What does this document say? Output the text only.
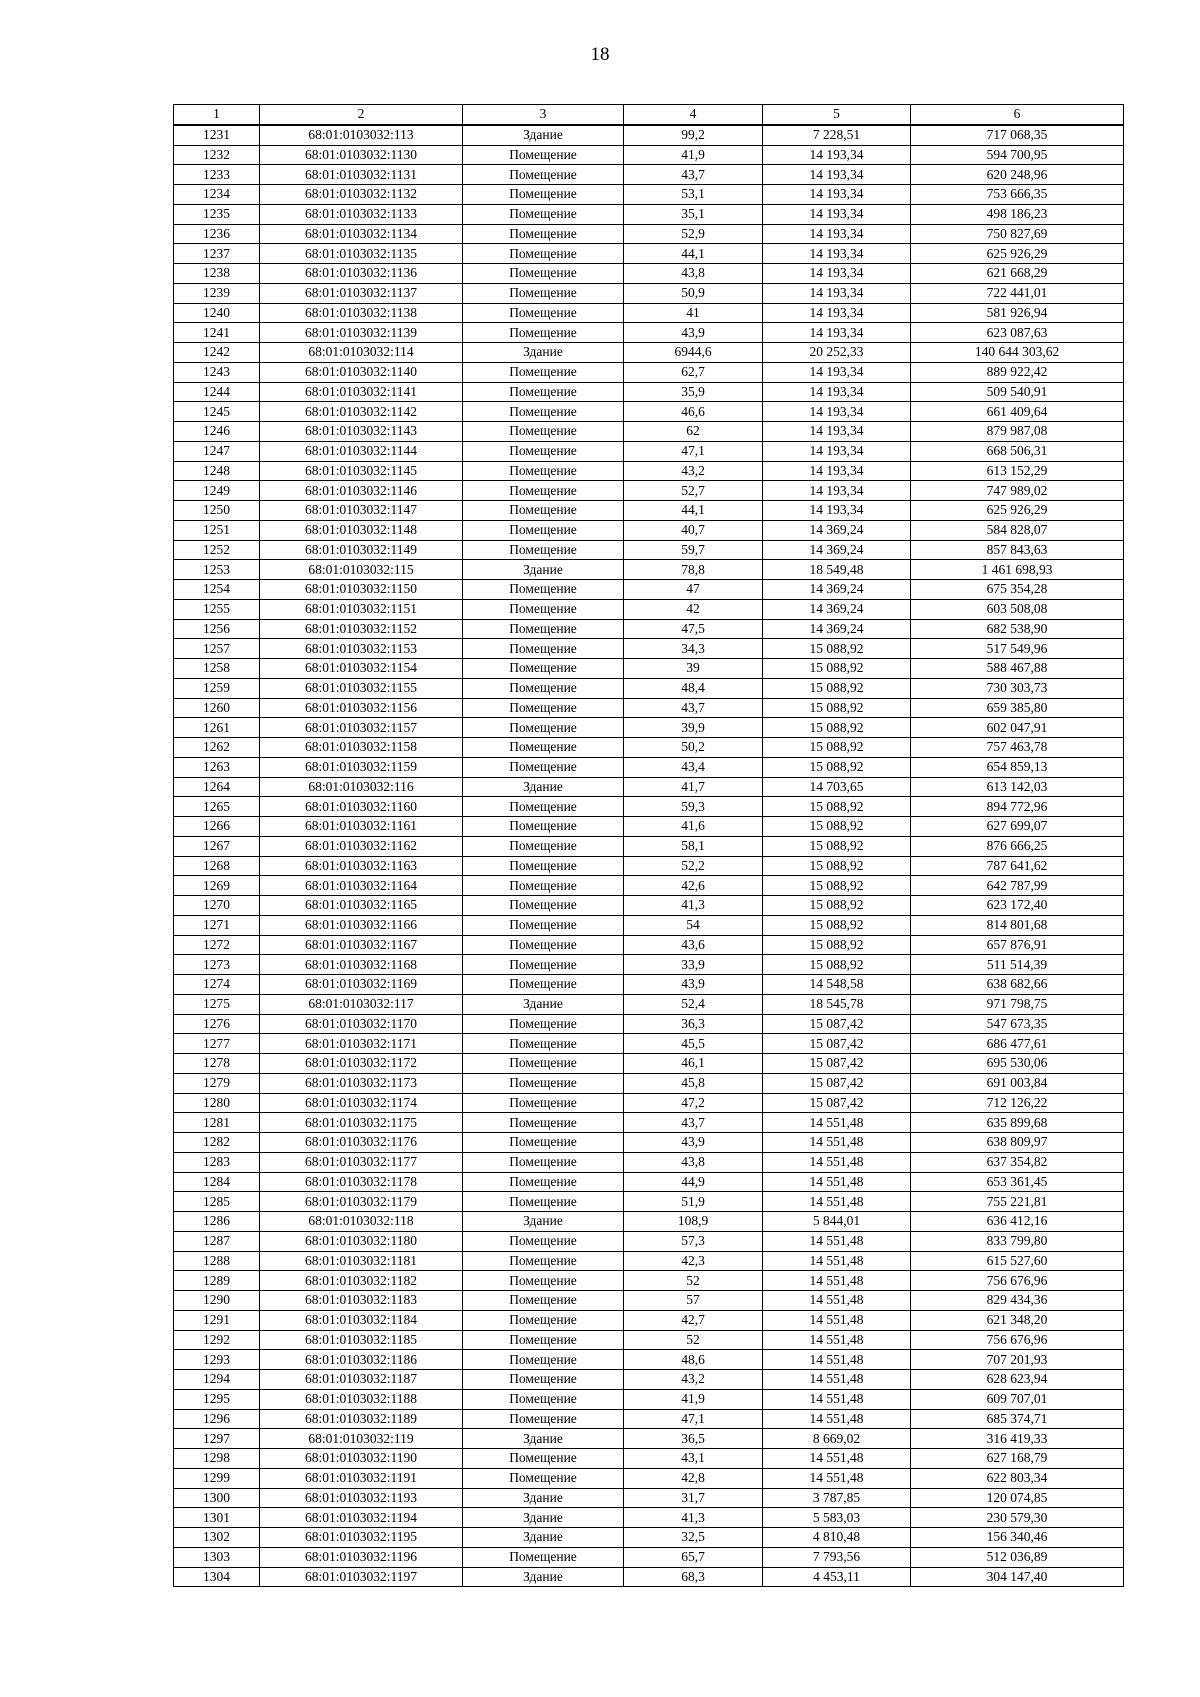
18
1	2	3	4	5	6
1231	68:01:0103032:113	Здание	99,2	7 228,51	717 068,35
1232	68:01:0103032:1130	Помещение	41,9	14 193,34	594 700,95
1233	68:01:0103032:1131	Помещение	43,7	14 193,34	620 248,96
1234	68:01:0103032:1132	Помещение	53,1	14 193,34	753 666,35
1235	68:01:0103032:1133	Помещение	35,1	14 193,34	498 186,23
1236	68:01:0103032:1134	Помещение	52,9	14 193,34	750 827,69
1237	68:01:0103032:1135	Помещение	44,1	14 193,34	625 926,29
1238	68:01:0103032:1136	Помещение	43,8	14 193,34	621 668,29
1239	68:01:0103032:1137	Помещение	50,9	14 193,34	722 441,01
1240	68:01:0103032:1138	Помещение	41	14 193,34	581 926,94
1241	68:01:0103032:1139	Помещение	43,9	14 193,34	623 087,63
1242	68:01:0103032:114	Здание	6944,6	20 252,33	140 644 303,62
1243	68:01:0103032:1140	Помещение	62,7	14 193,34	889 922,42
1244	68:01:0103032:1141	Помещение	35,9	14 193,34	509 540,91
1245	68:01:0103032:1142	Помещение	46,6	14 193,34	661 409,64
1246	68:01:0103032:1143	Помещение	62	14 193,34	879 987,08
1247	68:01:0103032:1144	Помещение	47,1	14 193,34	668 506,31
1248	68:01:0103032:1145	Помещение	43,2	14 193,34	613 152,29
1249	68:01:0103032:1146	Помещение	52,7	14 193,34	747 989,02
1250	68:01:0103032:1147	Помещение	44,1	14 193,34	625 926,29
1251	68:01:0103032:1148	Помещение	40,7	14 369,24	584 828,07
1252	68:01:0103032:1149	Помещение	59,7	14 369,24	857 843,63
1253	68:01:0103032:115	Здание	78,8	18 549,48	1 461 698,93
1254	68:01:0103032:1150	Помещение	47	14 369,24	675 354,28
1255	68:01:0103032:1151	Помещение	42	14 369,24	603 508,08
1256	68:01:0103032:1152	Помещение	47,5	14 369,24	682 538,90
1257	68:01:0103032:1153	Помещение	34,3	15 088,92	517 549,96
1258	68:01:0103032:1154	Помещение	39	15 088,92	588 467,88
1259	68:01:0103032:1155	Помещение	48,4	15 088,92	730 303,73
1260	68:01:0103032:1156	Помещение	43,7	15 088,92	659 385,80
1261	68:01:0103032:1157	Помещение	39,9	15 088,92	602 047,91
1262	68:01:0103032:1158	Помещение	50,2	15 088,92	757 463,78
1263	68:01:0103032:1159	Помещение	43,4	15 088,92	654 859,13
1264	68:01:0103032:116	Здание	41,7	14 703,65	613 142,03
1265	68:01:0103032:1160	Помещение	59,3	15 088,92	894 772,96
1266	68:01:0103032:1161	Помещение	41,6	15 088,92	627 699,07
1267	68:01:0103032:1162	Помещение	58,1	15 088,92	876 666,25
1268	68:01:0103032:1163	Помещение	52,2	15 088,92	787 641,62
1269	68:01:0103032:1164	Помещение	42,6	15 088,92	642 787,99
1270	68:01:0103032:1165	Помещение	41,3	15 088,92	623 172,40
1271	68:01:0103032:1166	Помещение	54	15 088,92	814 801,68
1272	68:01:0103032:1167	Помещение	43,6	15 088,92	657 876,91
1273	68:01:0103032:1168	Помещение	33,9	15 088,92	511 514,39
1274	68:01:0103032:1169	Помещение	43,9	14 548,58	638 682,66
1275	68:01:0103032:117	Здание	52,4	18 545,78	971 798,75
1276	68:01:0103032:1170	Помещение	36,3	15 087,42	547 673,35
1277	68:01:0103032:1171	Помещение	45,5	15 087,42	686 477,61
1278	68:01:0103032:1172	Помещение	46,1	15 087,42	695 530,06
1279	68:01:0103032:1173	Помещение	45,8	15 087,42	691 003,84
1280	68:01:0103032:1174	Помещение	47,2	15 087,42	712 126,22
1281	68:01:0103032:1175	Помещение	43,7	14 551,48	635 899,68
1282	68:01:0103032:1176	Помещение	43,9	14 551,48	638 809,97
1283	68:01:0103032:1177	Помещение	43,8	14 551,48	637 354,82
1284	68:01:0103032:1178	Помещение	44,9	14 551,48	653 361,45
1285	68:01:0103032:1179	Помещение	51,9	14 551,48	755 221,81
1286	68:01:0103032:118	Здание	108,9	5 844,01	636 412,16
1287	68:01:0103032:1180	Помещение	57,3	14 551,48	833 799,80
1288	68:01:0103032:1181	Помещение	42,3	14 551,48	615 527,60
1289	68:01:0103032:1182	Помещение	52	14 551,48	756 676,96
1290	68:01:0103032:1183	Помещение	57	14 551,48	829 434,36
1291	68:01:0103032:1184	Помещение	42,7	14 551,48	621 348,20
1292	68:01:0103032:1185	Помещение	52	14 551,48	756 676,96
1293	68:01:0103032:1186	Помещение	48,6	14 551,48	707 201,93
1294	68:01:0103032:1187	Помещение	43,2	14 551,48	628 623,94
1295	68:01:0103032:1188	Помещение	41,9	14 551,48	609 707,01
1296	68:01:0103032:1189	Помещение	47,1	14 551,48	685 374,71
1297	68:01:0103032:119	Здание	36,5	8 669,02	316 419,33
1298	68:01:0103032:1190	Помещение	43,1	14 551,48	627 168,79
1299	68:01:0103032:1191	Помещение	42,8	14 551,48	622 803,34
1300	68:01:0103032:1193	Здание	31,7	3 787,85	120 074,85
1301	68:01:0103032:1194	Здание	41,3	5 583,03	230 579,30
1302	68:01:0103032:1195	Здание	32,5	4 810,48	156 340,46
1303	68:01:0103032:1196	Помещение	65,7	7 793,56	512 036,89
1304	68:01:0103032:1197	Здание	68,3	4 453,11	304 147,40
